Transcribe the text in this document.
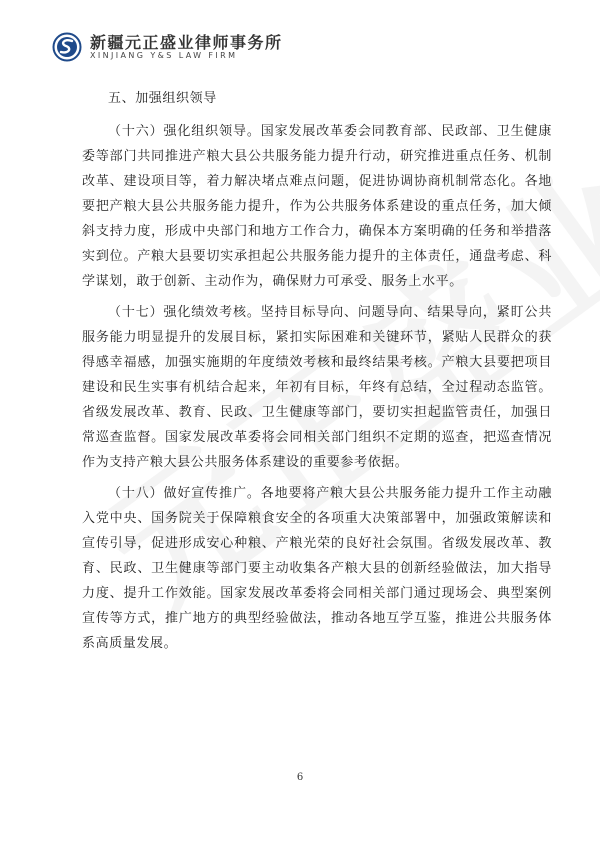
新疆元正盛业律师事务所
XINJIANG Y&S LAW FIRM

五、加强组织领导

（十六）强化组织领导。国家发展改革委会同教育部、民政部、卫生健康委等部门共同推进产粮大县公共服务能力提升行动，研究推进重点任务、机制改革、建设项目等，着力解决堵点难点问题，促进协调协商机制常态化。各地要把产粮大县公共服务能力提升，作为公共服务体系建设的重点任务，加大倾斜支持力度，形成中央部门和地方工作合力，确保本方案明确的任务和举措落实到位。产粮大县要切实承担起公共服务能力提升的主体责任，通盘考虑、科学谋划，敢于创新、主动作为，确保财力可承受、服务上水平。

（十七）强化绩效考核。坚持目标导向、问题导向、结果导向，紧盯公共服务能力明显提升的发展目标，紧扣实际困难和关键环节，紧贴人民群众的获得感幸福感，加强实施期的年度绩效考核和最终结果考核。产粮大县要把项目建设和民生实事有机结合起来，年初有目标，年终有总结，全过程动态监管。省级发展改革、教育、民政、卫生健康等部门，要切实担起监管责任，加强日常巡查监督。国家发展改革委将会同相关部门组织不定期的巡查，把巡查情况作为支持产粮大县公共服务体系建设的重要参考依据。

（十八）做好宣传推广。各地要将产粮大县公共服务能力提升工作主动融入党中央、国务院关于保障粮食安全的各项重大决策部署中，加强政策解读和宣传引导，促进形成安心种粮、产粮光荣的良好社会氛围。省级发展改革、教育、民政、卫生健康等部门要主动收集各产粮大县的创新经验做法，加大指导力度、提升工作效能。国家发展改革委将会同相关部门通过现场会、典型案例宣传等方式，推广地方的典型经验做法，推动各地互学互鉴，推进公共服务体系高质量发展。

6
